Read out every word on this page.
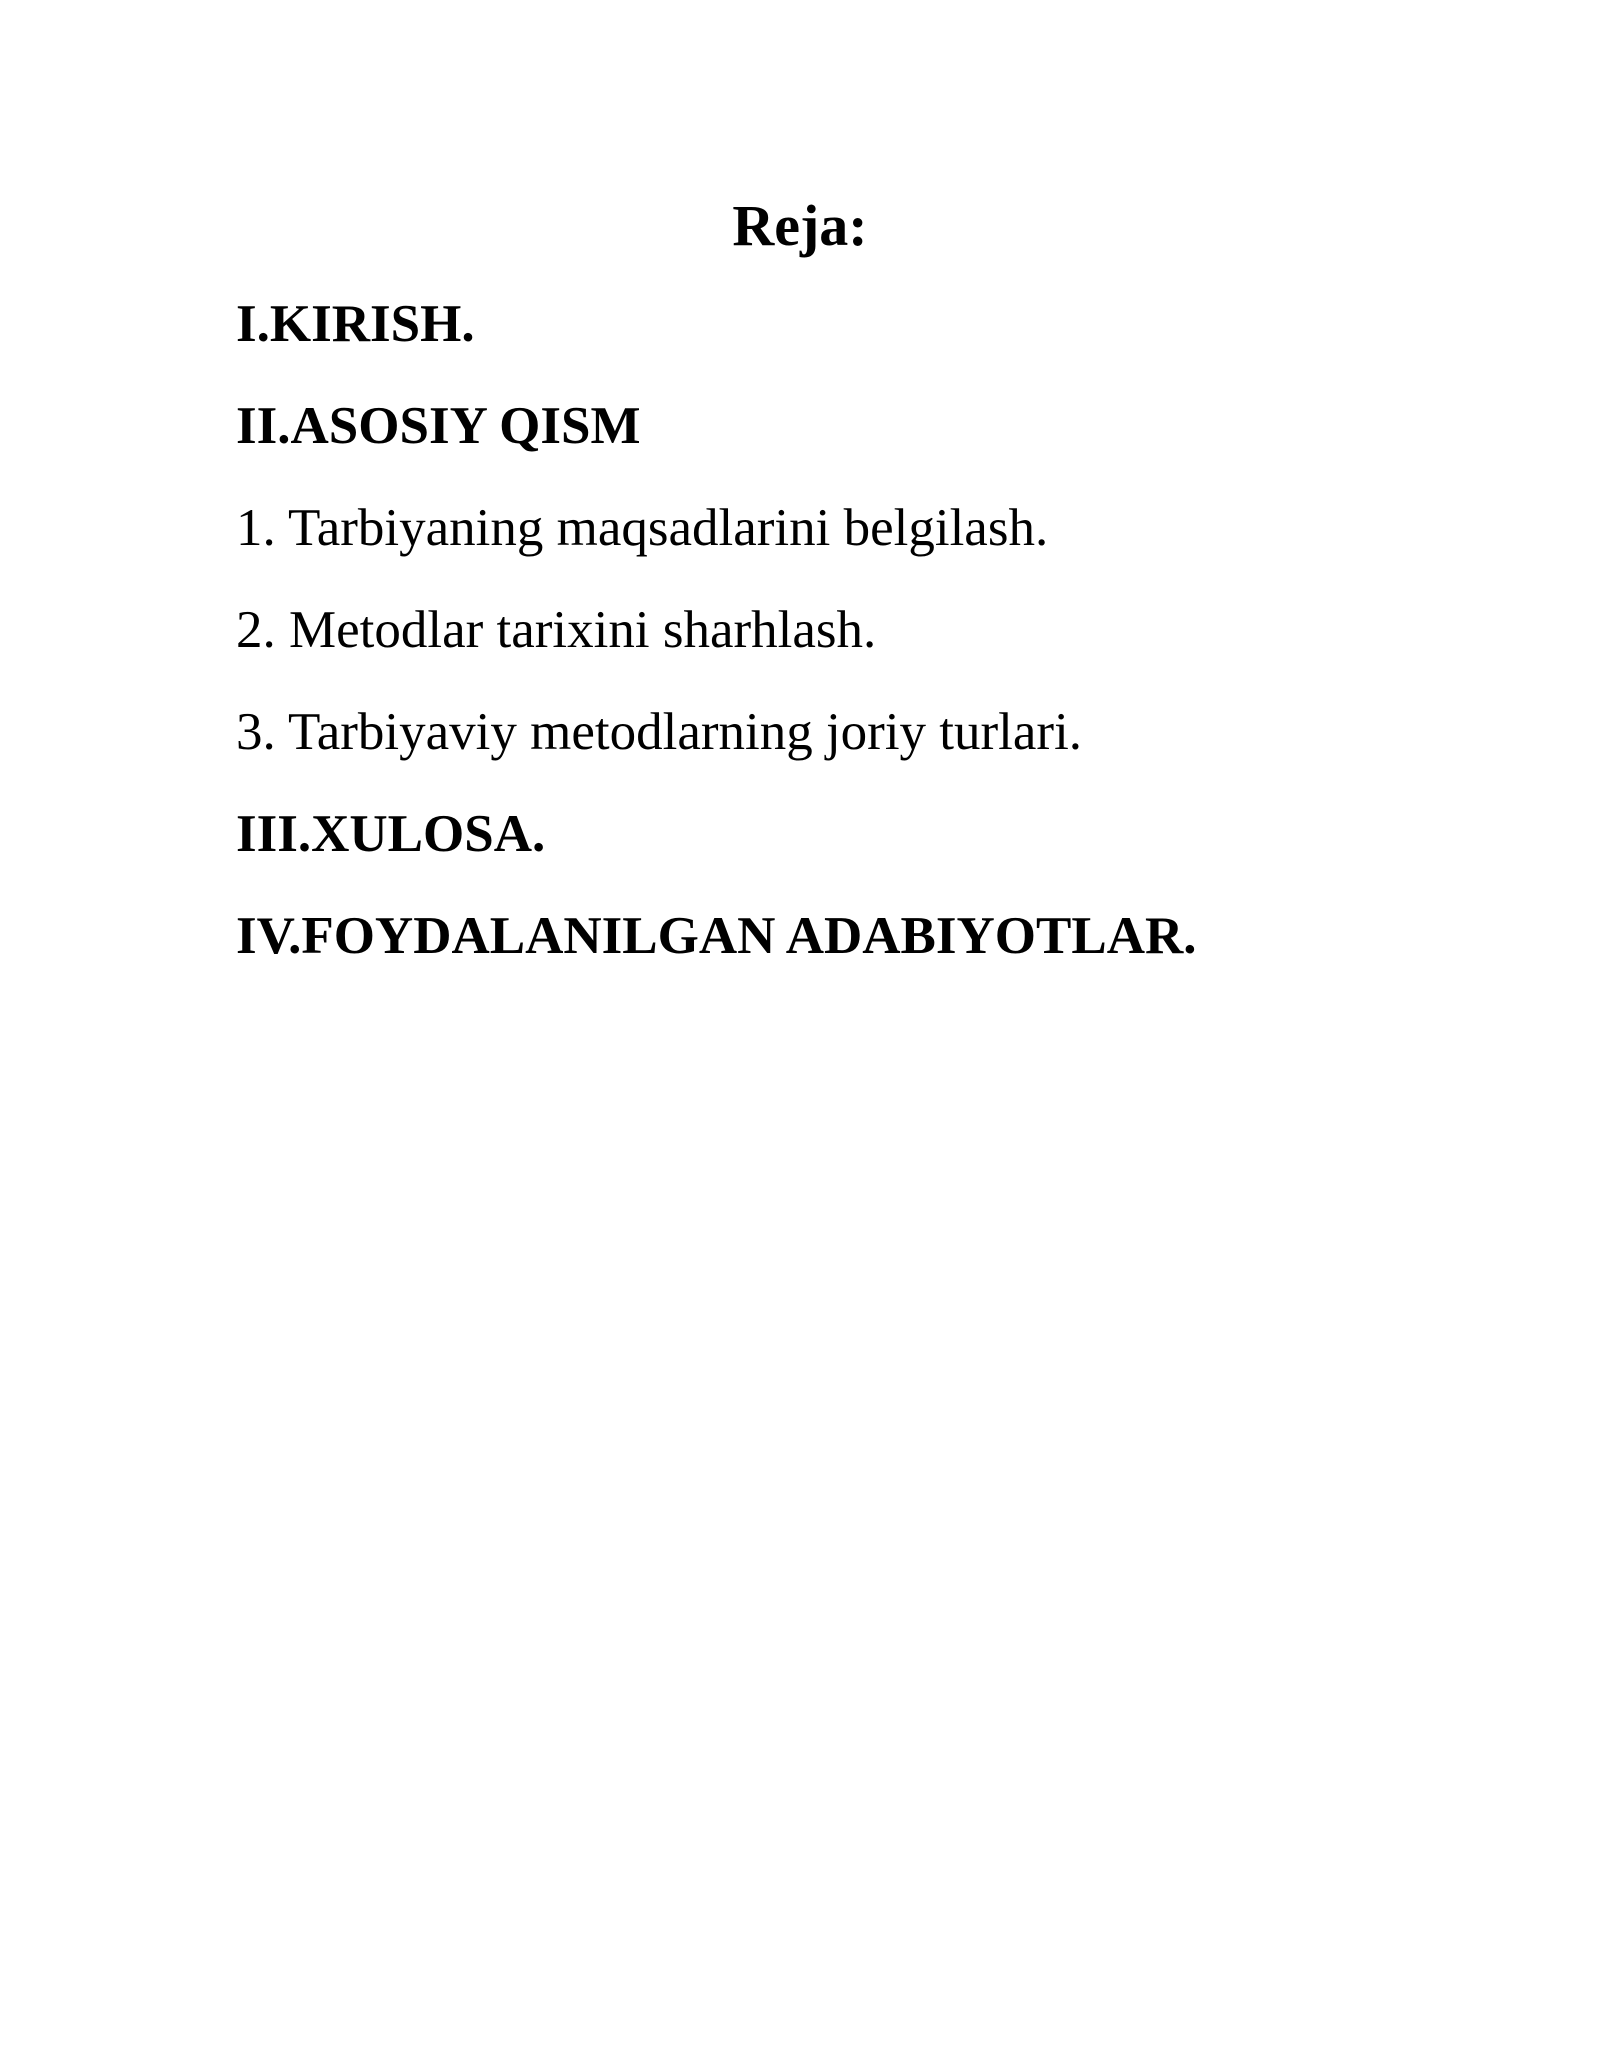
Reja:
I.KIRISH.
II.ASOSIY QISM
1. Tarbiyaning maqsadlarini belgilash.
2. Metodlar tarixini sharhlash.
3. Tarbiyaviy metodlarning joriy turlari.
III.XULOSA.
IV.FOYDALANILGAN ADABIYOTLAR.
